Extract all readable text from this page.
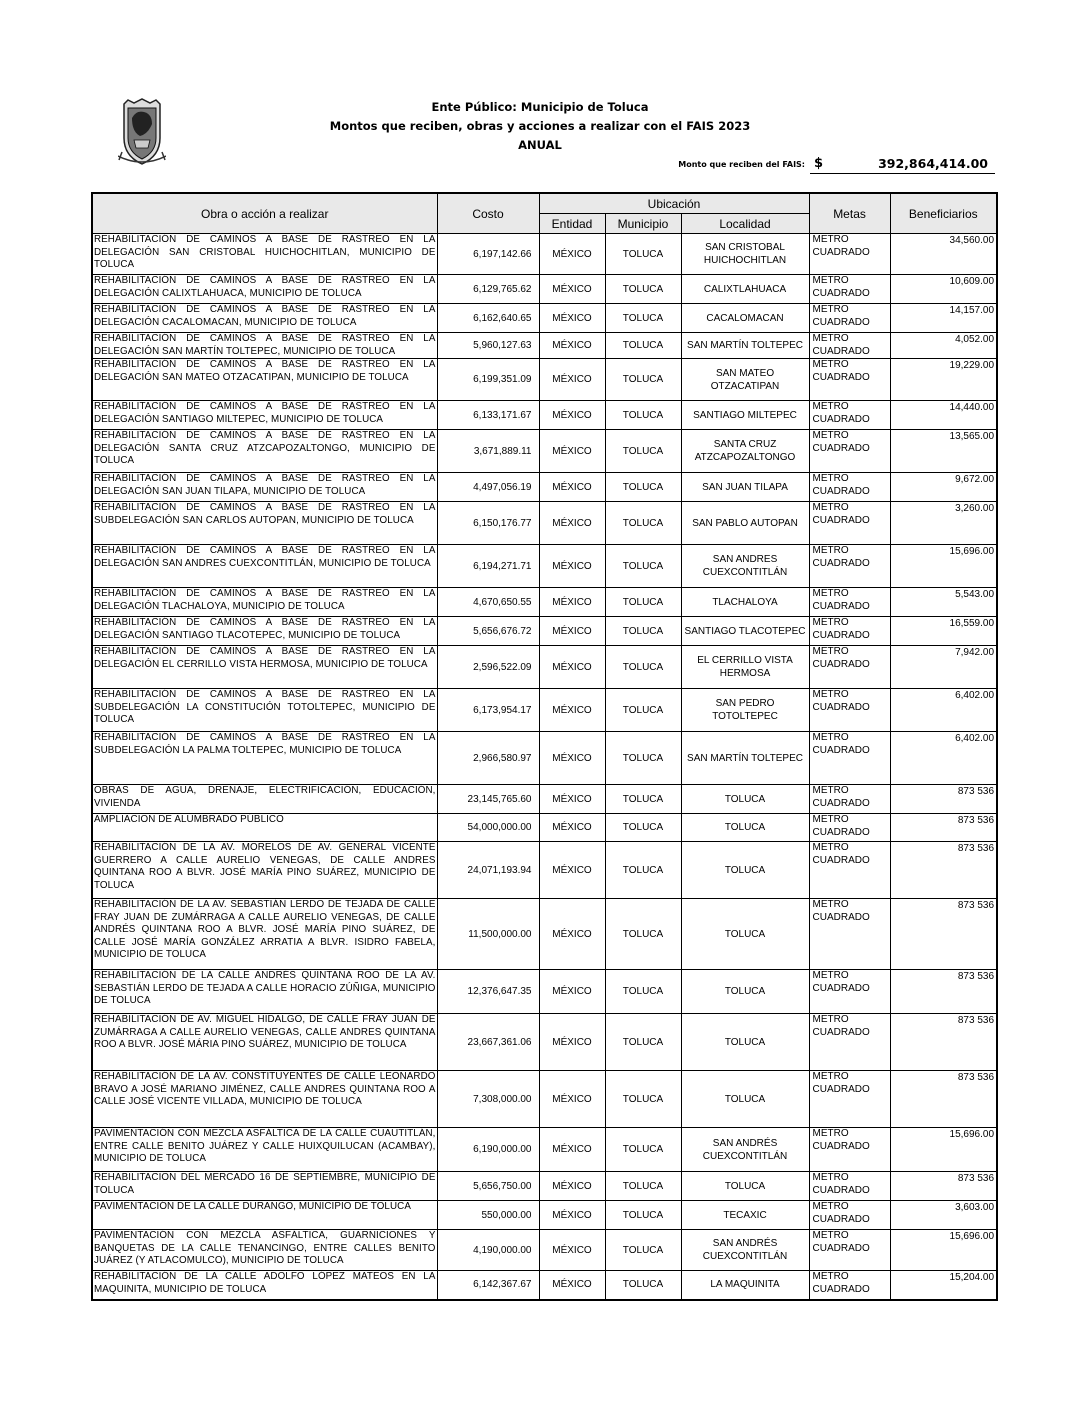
Ente Público: Municipio de Toluca
Montos que reciben, obras y acciones a realizar con el FAIS 2023
ANUAL
Monto que reciben del FAIS: $	392,864,414.00
Obra o acción a realizar	Costo	Ubicación			Metas	Beneficiarios
		Entidad	Municipio	Localidad		
REHABILITACIÓN DE CAMINOS A BASE DE RASTREO EN LA DELEGACIÓN SAN CRISTOBAL HUICHOCHITLAN, MUNICIPIO DE TOLUCA	6,197,142.66	MÉXICO	TOLUCA	SAN CRISTOBAL HUICHOCHITLAN	METRO CUADRADO	34,560.00
REHABILITACIÓN DE CAMINOS A BASE DE RASTREO EN LA DELEGACIÓN CALIXTLAHUACA, MUNICIPIO DE TOLUCA	6,129,765.62	MÉXICO	TOLUCA	CALIXTLAHUACA	METRO CUADRADO	10,609.00
REHABILITACIÓN DE CAMINOS A BASE DE RASTREO EN LA DELEGACIÓN CACALOMACAN, MUNICIPIO DE TOLUCA	6,162,640.65	MÉXICO	TOLUCA	CACALOMACAN	METRO CUADRADO	14,157.00
REHABILITACIÓN DE CAMINOS A BASE DE RASTREO EN LA DELEGACIÓN SAN MARTÍN TOLTEPEC, MUNICIPIO DE TOLUCA	5,960,127.63	MÉXICO	TOLUCA	SAN MARTÍN TOLTEPEC	METRO CUADRADO	4,052.00
REHABILITACIÓN DE CAMINOS A BASE DE RASTREO EN LA DELEGACIÓN SAN MATEO OTZACATIPAN, MUNICIPIO DE TOLUCA	6,199,351.09	MÉXICO	TOLUCA	SAN MATEO OTZACATIPAN	METRO CUADRADO	19,229.00
REHABILITACIÓN DE CAMINOS A BASE DE RASTREO EN LA DELEGACIÓN SANTIAGO MILTEPEC, MUNICIPIO DE TOLUCA	6,133,171.67	MÉXICO	TOLUCA	SANTIAGO MILTEPEC	METRO CUADRADO	14,440.00
REHABILITACIÓN DE CAMINOS A BASE DE RASTREO EN LA DELEGACIÓN SANTA CRUZ ATZCAPOZALTONGO, MUNICIPIO DE TOLUCA	3,671,889.11	MÉXICO	TOLUCA	SANTA CRUZ ATZCAPOZALTONGO	METRO CUADRADO	13,565.00
REHABILITACIÓN DE CAMINOS A BASE DE RASTREO EN LA DELEGACIÓN SAN JUAN TILAPA, MUNICIPIO DE TOLUCA	4,497,056.19	MÉXICO	TOLUCA	SAN JUAN TILAPA	METRO CUADRADO	9,672.00
REHABILITACIÓN DE CAMINOS A BASE DE RASTREO EN LA SUBDELEGACIÓN SAN CARLOS AUTOPAN, MUNICIPIO DE TOLUCA	6,150,176.77	MÉXICO	TOLUCA	SAN PABLO AUTOPAN	METRO CUADRADO	3,260.00
REHABILITACIÓN DE CAMINOS A BASE DE RASTREO EN LA DELEGACIÓN SAN ANDRES CUEXCONTITLÁN, MUNICIPIO DE TOLUCA	6,194,271.71	MÉXICO	TOLUCA	SAN ANDRES CUEXCONTITLÁN	METRO CUADRADO	15,696.00
REHABILITACIÓN DE CAMINOS A BASE DE RASTREO EN LA DELEGACIÓN TLACHALOYA, MUNICIPIO DE TOLUCA	4,670,650.55	MÉXICO	TOLUCA	TLACHALOYA	METRO CUADRADO	5,543.00
REHABILITACIÓN DE CAMINOS A BASE DE RASTREO EN LA DELEGACIÓN SANTIAGO TLACOTEPEC, MUNICIPIO DE TOLUCA	5,656,676.72	MÉXICO	TOLUCA	SANTIAGO TLACOTEPEC	METRO CUADRADO	16,559.00
REHABILITACIÓN DE CAMINOS A BASE DE RASTREO EN LA DELEGACIÓN EL CERRILLO VISTA HERMOSA, MUNICIPIO DE TOLUCA	2,596,522.09	MÉXICO	TOLUCA	EL CERRILLO VISTA HERMOSA	METRO CUADRADO	7,942.00
REHABILITACIÓN DE CAMINOS A BASE DE RASTREO EN LA SUBDELEGACIÓN LA CONSTITUCIÓN TOTOLTEPEC, MUNICIPIO DE TOLUCA	6,173,954.17	MÉXICO	TOLUCA	SAN PEDRO TOTOLTEPEC	METRO CUADRADO	6,402.00
REHABILITACIÓN DE CAMINOS A BASE DE RASTREO EN LA SUBDELEGACIÓN LA PALMA TOLTEPEC, MUNICIPIO DE TOLUCA	2,966,580.97	MÉXICO	TOLUCA	SAN MARTÍN TOLTEPEC	METRO CUADRADO	6,402.00
OBRAS DE AGUA, DRENAJE, ELECTRIFICACIÓN, EDUCACIÓN, VIVIENDA	23,145,765.60	MÉXICO	TOLUCA	TOLUCA	METRO CUADRADO	873 536
AMPLIACION DE ALUMBRADO PÚBLICO	54,000,000.00	MÉXICO	TOLUCA	TOLUCA	METRO CUADRADO	873 536
REHABILITACIÓN DE LA AV. MORELOS DE AV. GENERAL VICENTE GUERRERO A CALLE AURELIO VENEGAS, DE CALLE ANDRES QUINTANA ROO A BLVR. JOSÉ MARÍA PINO SUÁREZ, MUNICIPIO DE TOLUCA	24,071,193.94	MÉXICO	TOLUCA	TOLUCA	METRO CUADRADO	873 536
REHABILITACIÓN DE LA AV. SEBASTIÁN LERDO DE TEJADA DE CALLE FRAY JUAN DE ZUMÁRRAGA A CALLE AURELIO VENEGAS, DE CALLE ANDRÉS QUINTANA ROO A BLVR. JOSÉ MARÍA PINO SUÁREZ, DE CALLE JOSÉ MARÍA GONZÁLEZ ARRATIA A BLVR. ISIDRO FABELA, MUNICIPIO DE TOLUCA	11,500,000.00	MÉXICO	TOLUCA	TOLUCA	METRO CUADRADO	873 536
REHABILITACIÓN DE LA CALLE ANDRÉS QUINTANA ROO DE LA AV. SEBASTIÁN LERDO DE TEJADA A CALLE HORACIO ZÚÑIGA, MUNICIPIO DE TOLUCA	12,376,647.35	MÉXICO	TOLUCA	TOLUCA	METRO CUADRADO	873 536
REHABILITACIÓN DE AV. MIGUEL HIDALGO, DE CALLE FRAY JUAN DE ZUMÁRRAGA A CALLE AURELIO VENEGAS, CALLE ANDRES QUINTANA ROO A BLVR. JOSÉ MÁRIA PINO SUÁREZ, MUNICIPIO DE TOLUCA	23,667,361.06	MÉXICO	TOLUCA	TOLUCA	METRO CUADRADO	873 536
REHABILITACIÓN DE LA AV. CONSTITUYENTES DE CALLE LEONARDO BRAVO A JOSÉ MARIANO JIMÉNEZ, CALLE ANDRES QUINTANA ROO A CALLE JOSÉ VICENTE VILLADA, MUNICIPIO DE TOLUCA	7,308,000.00	MÉXICO	TOLUCA	TOLUCA	METRO CUADRADO	873 536
PAVIMENTACIÓN CON MEZCLA ASFÁLTICA DE LA CALLE CUAUTITLÁN, ENTRE CALLE BENITO JUÁREZ Y CALLE HUIXQUILUCAN (ACAMBAY), MUNICIPIO DE TOLUCA	6,190,000.00	MÉXICO	TOLUCA	SAN ANDRÉS CUEXCONTITLÁN	METRO CUADRADO	15,696.00
REHABILITACION DEL MERCADO 16 DE SEPTIEMBRE, MUNICIPIO DE TOLUCA	5,656,750.00	MÉXICO	TOLUCA	TOLUCA	METRO CUADRADO	873 536
PAVIMENTACIÓN DE LA CALLE DURANGO, MUNICIPIO DE TOLUCA	550,000.00	MÉXICO	TOLUCA	TECAXIC	METRO CUADRADO	3,603.00
PAVIMENTACIÓN CON MEZCLA ASFÁLTICA, GUARNICIONES Y BANQUETAS DE LA CALLE TENANCINGO, ENTRE CALLES BENITO JUÁREZ (Y ATLACOMULCO), MUNICIPIO DE TOLUCA	4,190,000.00	MÉXICO	TOLUCA	SAN ANDRÉS CUEXCONTITLÁN	METRO CUADRADO	15,696.00
REHABILITACIÓN DE LA CALLE ADOLFO LÓPEZ MATEOS EN LA MAQUINITA, MUNICIPIO DE TOLUCA	6,142,367.67	MÉXICO	TOLUCA	LA MAQUINITA	METRO CUADRADO	15,204.00
